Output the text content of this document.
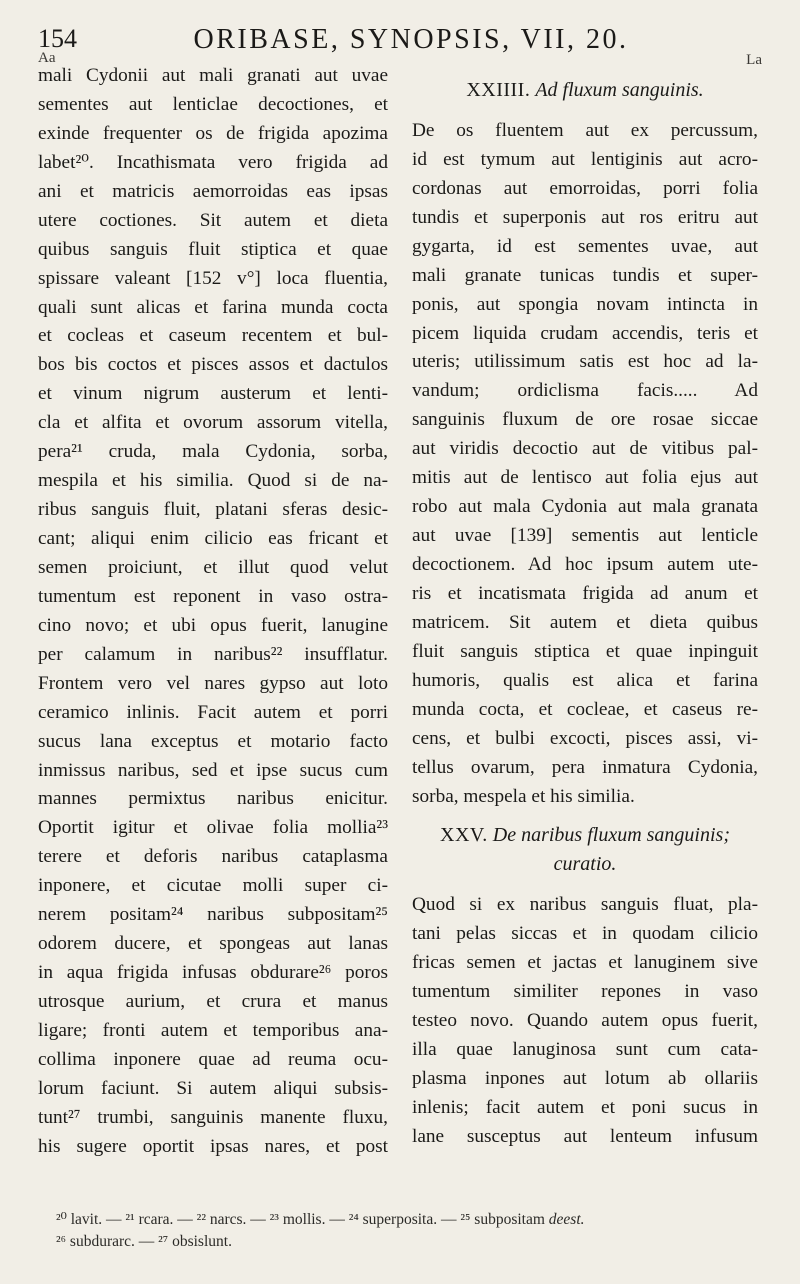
154	ORIBASE, SYNOPSIS, VII, 20.
Aa	La
mali Cydonii aut mali granati aut uvae
sementes aut lenticlae decoctiones, et
exinde frequenter os de frigida apozima
labet²⁰. Incathismata vero frigida ad
ani et matricis aemorroidas eas ipsas
utere coctiones. Sit autem et dieta
quibus sanguis fluit stiptica et quae
spissare valeant [152 v°] loca fluentia,
quali sunt alicas et farina munda cocta
et cocleas et caseum recentem et bul-
bos bis coctos et pisces assos et dactulos
et vinum nigrum austerum et lenti-
cla et alfita et ovorum assorum vitella,
pera²¹ cruda, mala Cydonia, sorba,
mespila et his similia. Quod si de na-
ribus sanguis fluit, platani sferas desic-
cant; aliqui enim cilicio eas fricant et
semen proiciunt, et illut quod velut
tumentum est reponent in vaso ostra-
cino novo; et ubi opus fuerit, lanugine
per calamum in naribus²² insufflatur.
Frontem vero vel nares gypso aut loto
ceramico inlinis. Facit autem et porri
sucus lana exceptus et motario facto
inmissus naribus, sed et ipse sucus cum
mannes permixtus naribus enicitur.
Oportit igitur et olivae folia mollia²³
terere et deforis naribus cataplasma
inponere, et cicutae molli super ci-
nerem positam²⁴ naribus subpositam²⁵
odorem ducere, et spongeas aut lanas
in aqua frigida infusas obdurare²⁶ poros
utrosque aurium, et crura et manus
ligare; fronti autem et temporibus ana-
collima inponere quae ad reuma ocu-
lorum faciunt. Si autem aliqui subsis-
tunt²⁷ trumbi, sanguinis manente fluxu,
his sugere oportit ipsas nares, et post
XXIIII. Ad fluxum sanguinis.
De os fluentem aut ex percussum,
id est tymum aut lentiginis aut acro-
cordonas aut emorroidas, porri folia
tundis et superponis aut ros eritru aut
gygarta, id est sementes uvae, aut
mali granate tunicas tundis et super-
ponis, aut spongia novam intincta in
picem liquida crudam accendis, teris et
uteris; utilissimum satis est hoc ad la-
vandum; ordiclisma facis..... Ad
sanguinis fluxum de ore rosae siccae
aut viridis decoctio aut de vitibus pal-
mitis aut de lentisco aut folia ejus aut
robo aut mala Cydonia aut mala granata
aut uvae [139] sementis aut lenticle
decoctionem. Ad hoc ipsum autem ute-
ris et incatismata frigida ad anum et
matricem. Sit autem et dieta quibus
fluit sanguis stiptica et quae inpinguit
humoris, qualis est alica et farina
munda cocta, et cocleae, et caseus re-
cens, et bulbi excocti, pisces assi, vi-
tellus ovarum, pera inmatura Cydonia,
sorba, mespela et his similia.
XXV. De naribus fluxum sanguinis;
curatio.
Quod si ex naribus sanguis fluat, pla-
tani pelas siccas et in quodam cilicio
fricas semen et jactas et lanuginem sive
tumentum similiter repones in vaso
testeo novo. Quando autem opus fuerit,
illa quae lanuginosa sunt cum cata-
plasma inpones aut lotum ab ollariis
inlenis; facit autem et poni sucus in
lane susceptus aut lenteum infusum
²⁰ lavit. — ²¹ rcara. — ²² narcs. — ²³ mollis. — ²⁴ superposita. — ²⁵ subpositam deest.
²⁶ subdurarc. — ²⁷ obsislunt.
